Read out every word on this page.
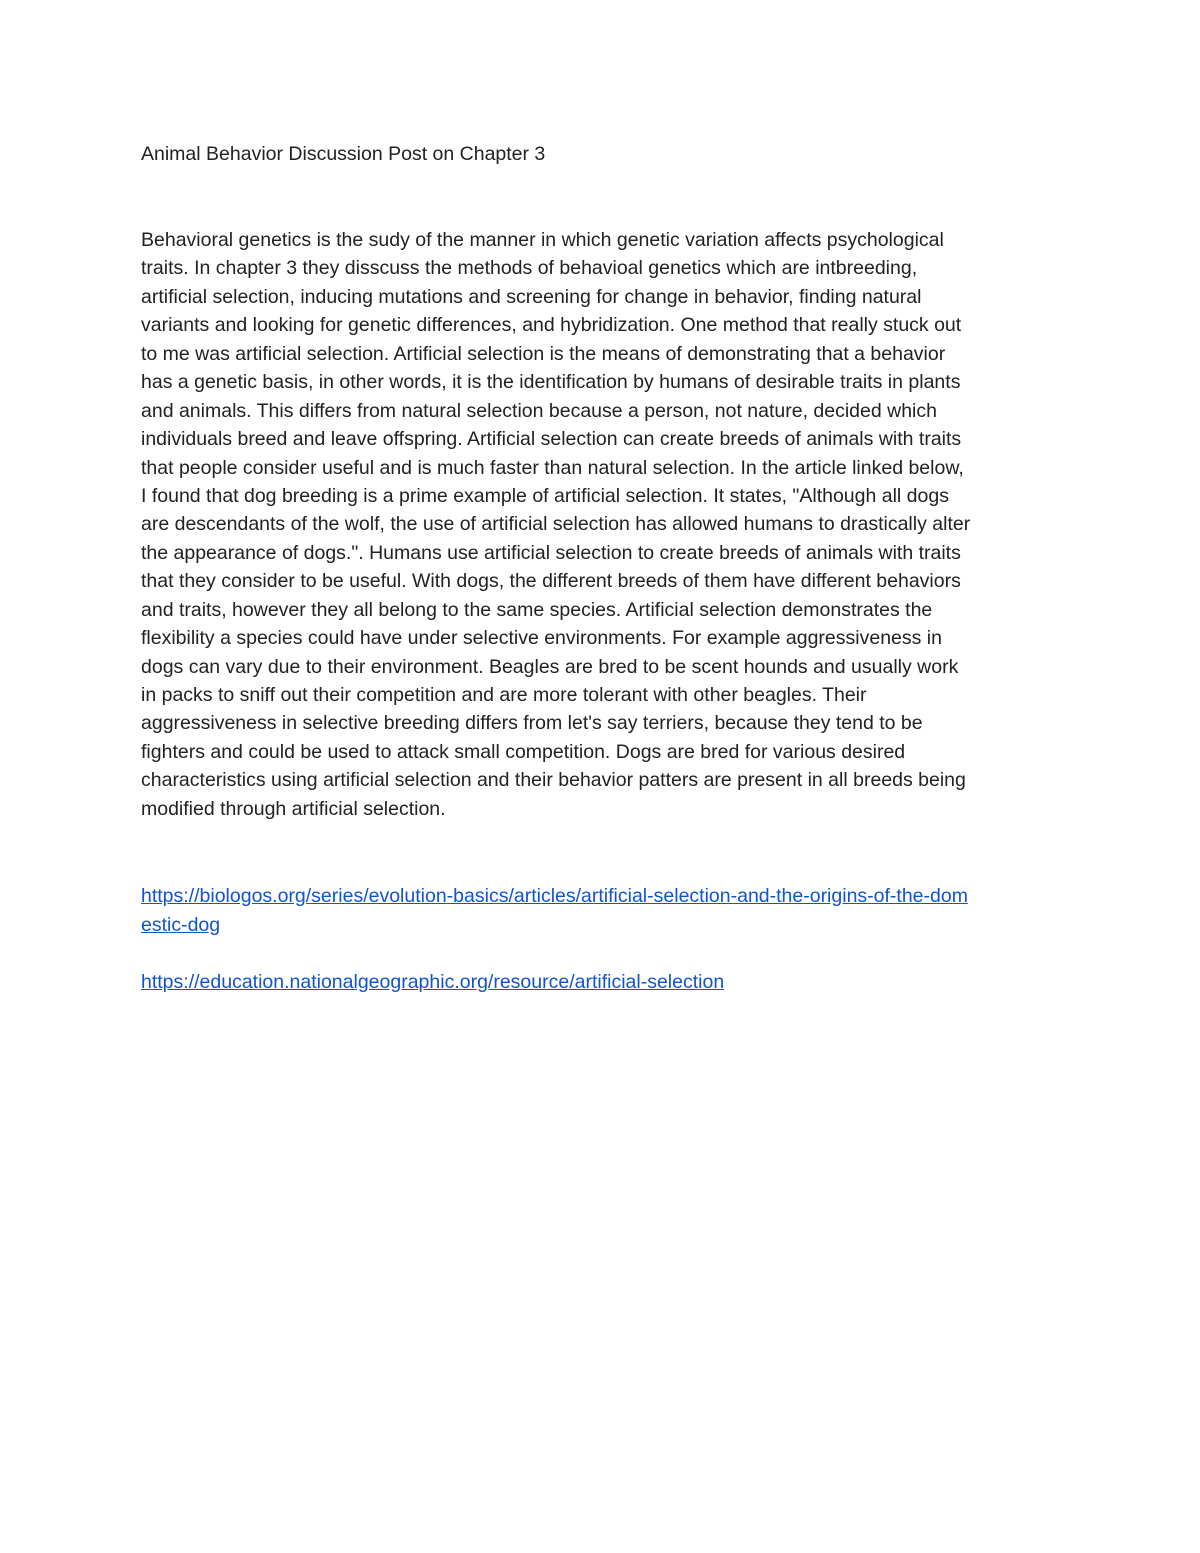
Animal Behavior Discussion Post on Chapter 3

Behavioral genetics is the sudy of the manner in which genetic variation affects psychological
traits. In chapter 3 they disscuss the methods of behavioal genetics which are intbreeding,
artificial selection, inducing mutations and screening for change in behavior, finding natural
variants and looking for genetic differences, and hybridization. One method that really stuck out
to me was artificial selection. Artificial selection is the means of demonstrating that a behavior
has a genetic basis, in other words, it is the identification by humans of desirable traits in plants
and animals. This differs from natural selection because a person, not nature, decided which
individuals breed and leave offspring. Artificial selection can create breeds of animals with traits
that people consider useful and is much faster than natural selection. In the article linked below,
I found that dog breeding is a prime example of artificial selection. It states, "Although all dogs
are descendants of the wolf, the use of artificial selection has allowed humans to drastically alter
the appearance of dogs.". Humans use artificial selection to create breeds of animals with traits
that they consider to be useful. With dogs, the different breeds of them have different behaviors
and traits, however they all belong to the same species. Artificial selection demonstrates the
flexibility a species could have under selective environments. For example aggressiveness in
dogs can vary due to their environment. Beagles are bred to be scent hounds and usually work
in packs to sniff out their competition and are more tolerant with other beagles. Their
aggressiveness in selective breeding differs from let's say terriers, because they tend to be
fighters and could be used to attack small competition. Dogs are bred for various desired
characteristics using artificial selection and their behavior patters are present in all breeds being
modified through artificial selection.
https://biologos.org/series/evolution-basics/articles/artificial-selection-and-the-origins-of-the-dom
estic-dog
https://education.nationalgeographic.org/resource/artificial-selection
